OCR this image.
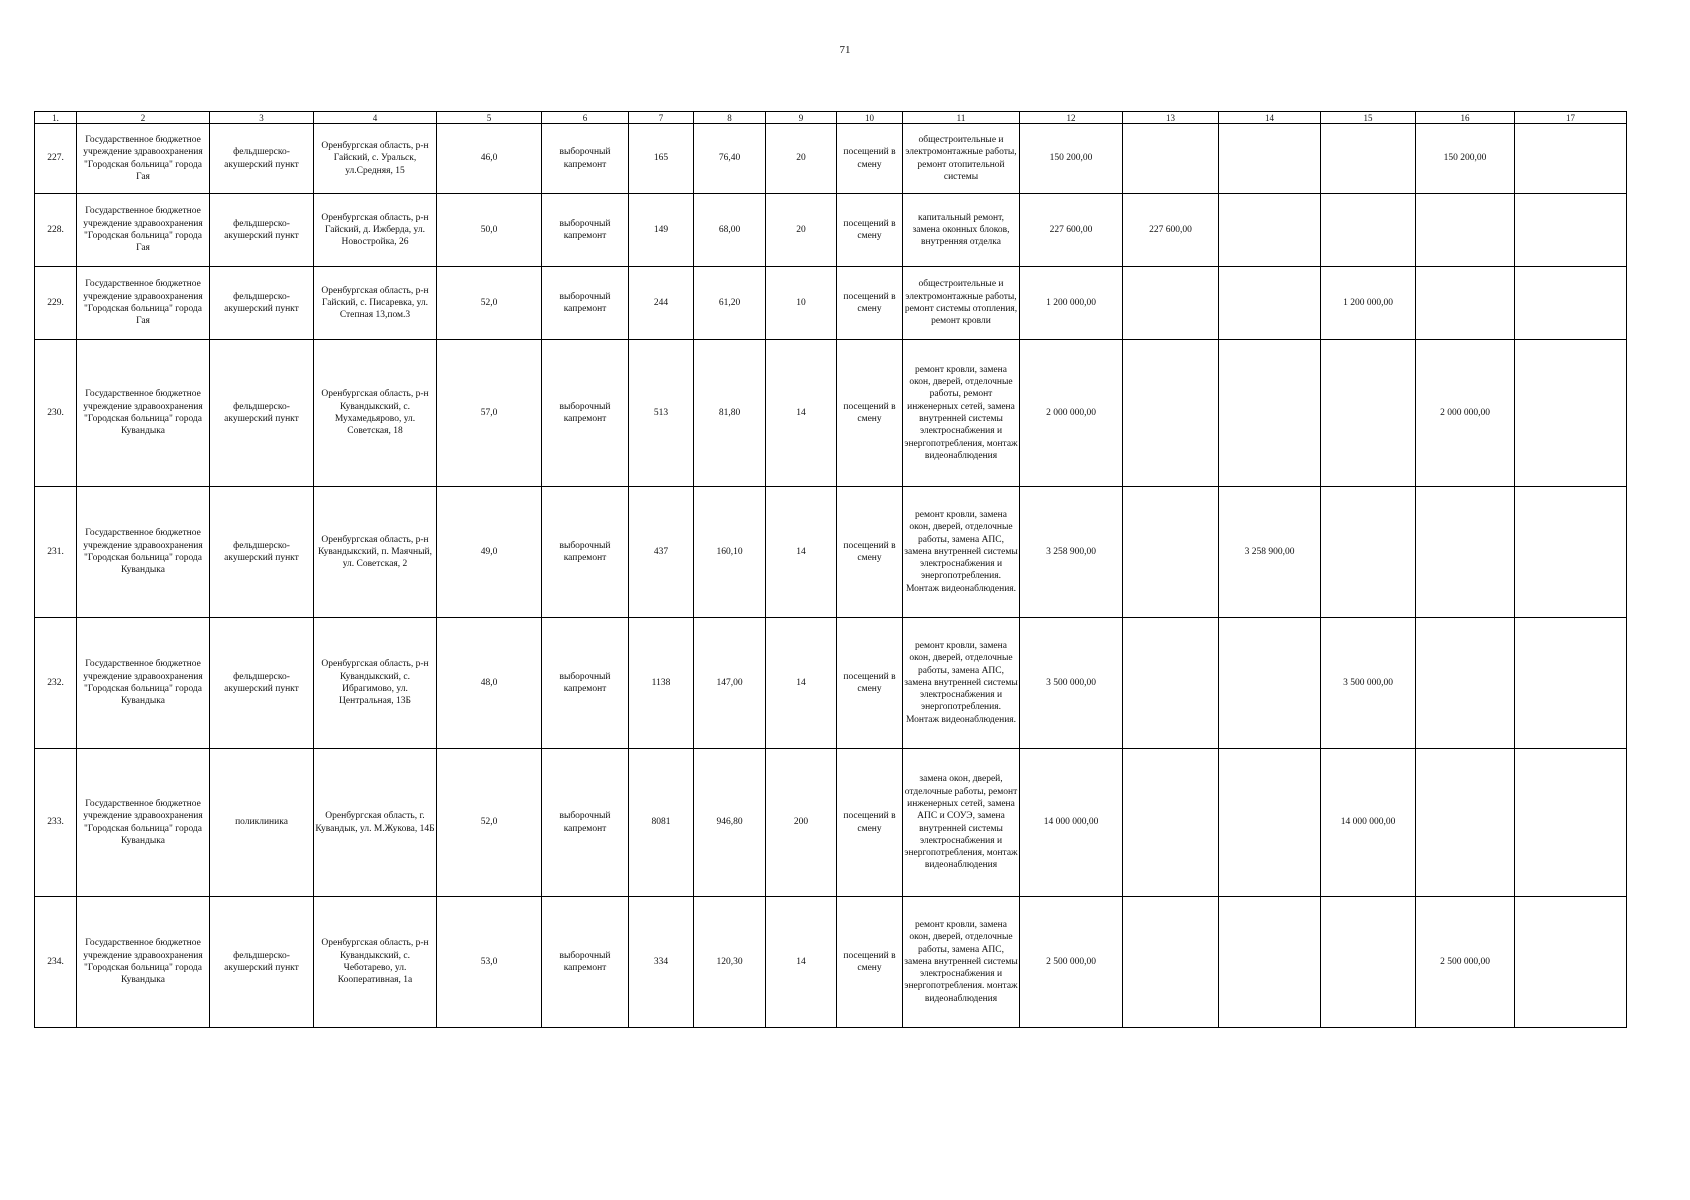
71
1.	2	3	4	5	6	7	8	9	10	11	12	13	14	15	16	17
227.	Государственное бюджетное учреждение здравоохранения "Городская больница" города Гая	фельдшерско-акушерский пункт	Оренбургская область, р-н Гайский, с. Уральск, ул.Средняя, 15	46,0	выборочный капремонт	165	76,40	20	посещений в смену	общестроительные и электромонтажные работы, ремонт отопительной системы	150 200,00				150 200,00	
228.	Государственное бюджетное учреждение здравоохранения "Городская больница" города Гая	фельдшерско-акушерский пункт	Оренбургская область, р-н Гайский, д. Ижберда, ул. Новостройка, 26	50,0	выборочный капремонт	149	68,00	20	посещений в смену	капитальный ремонт, замена оконных блоков, внутренняя отделка	227 600,00	227 600,00				
229.	Государственное бюджетное учреждение здравоохранения "Городская больница" города Гая	фельдшерско-акушерский пункт	Оренбургская область, р-н Гайский, с. Писаревка, ул. Степная 13,пом.3	52,0	выборочный капремонт	244	61,20	10	посещений в смену	общестроительные и электромонтажные работы, ремонт системы отопления, ремонт кровли	1 200 000,00			1 200 000,00		
230.	Государственное бюджетное учреждение здравоохранения "Городская больница" города Кувандыка	фельдшерско-акушерский пункт	Оренбургская область, р-н Кувандыкский, с. Мухамедьярово, ул. Советская, 18	57,0	выборочный капремонт	513	81,80	14	посещений в смену	ремонт кровли, замена окон, дверей, отделочные работы, ремонт инженерных сетей, замена внутренней системы электроснабжения и энергопотребления, монтаж видеонаблюдения	2 000 000,00				2 000 000,00	
231.	Государственное бюджетное учреждение здравоохранения "Городская больница" города Кувандыка	фельдшерско-акушерский пункт	Оренбургская область, р-н Кувандыкский, п. Маячный, ул. Советская, 2	49,0	выборочный капремонт	437	160,10	14	посещений в смену	ремонт кровли, замена окон, дверей, отделочные работы, замена АПС, замена внутренней системы электроснабжения и энергопотребления. Монтаж видеонаблюдения.	3 258 900,00		3 258 900,00			
232.	Государственное бюджетное учреждение здравоохранения "Городская больница" города Кувандыка	фельдшерско-акушерский пункт	Оренбургская область, р-н Кувандыкский, с. Ибрагимово, ул. Центральная, 13Б	48,0	выборочный капремонт	1138	147,00	14	посещений в смену	ремонт кровли, замена окон, дверей, отделочные работы, замена АПС, замена внутренней системы электроснабжения и энергопотребления. Монтаж видеонаблюдения.	3 500 000,00			3 500 000,00		
233.	Государственное бюджетное учреждение здравоохранения "Городская больница" города Кувандыка	поликлиника	Оренбургская область, г. Кувандык, ул. М.Жукова, 14Б	52,0	выборочный капремонт	8081	946,80	200	посещений в смену	замена окон, дверей, отделочные работы, ремонт инженерных сетей, замена АПС и СОУЭ, замена внутренней системы электроснабжения и энергопотребления, монтаж видеонаблюдения	14 000 000,00			14 000 000,00		
234.	Государственное бюджетное учреждение здравоохранения "Городская больница" города Кувандыка	фельдшерско-акушерский пункт	Оренбургская область, р-н Кувандыкский, с. Чеботарево, ул. Кооперативная, 1а	53,0	выборочный капремонт	334	120,30	14	посещений в смену	ремонт кровли, замена окон, дверей, отделочные работы, замена АПС, замена внутренней системы электроснабжения и энергопотребления. монтаж видеонаблюдения	2 500 000,00				2 500 000,00	
